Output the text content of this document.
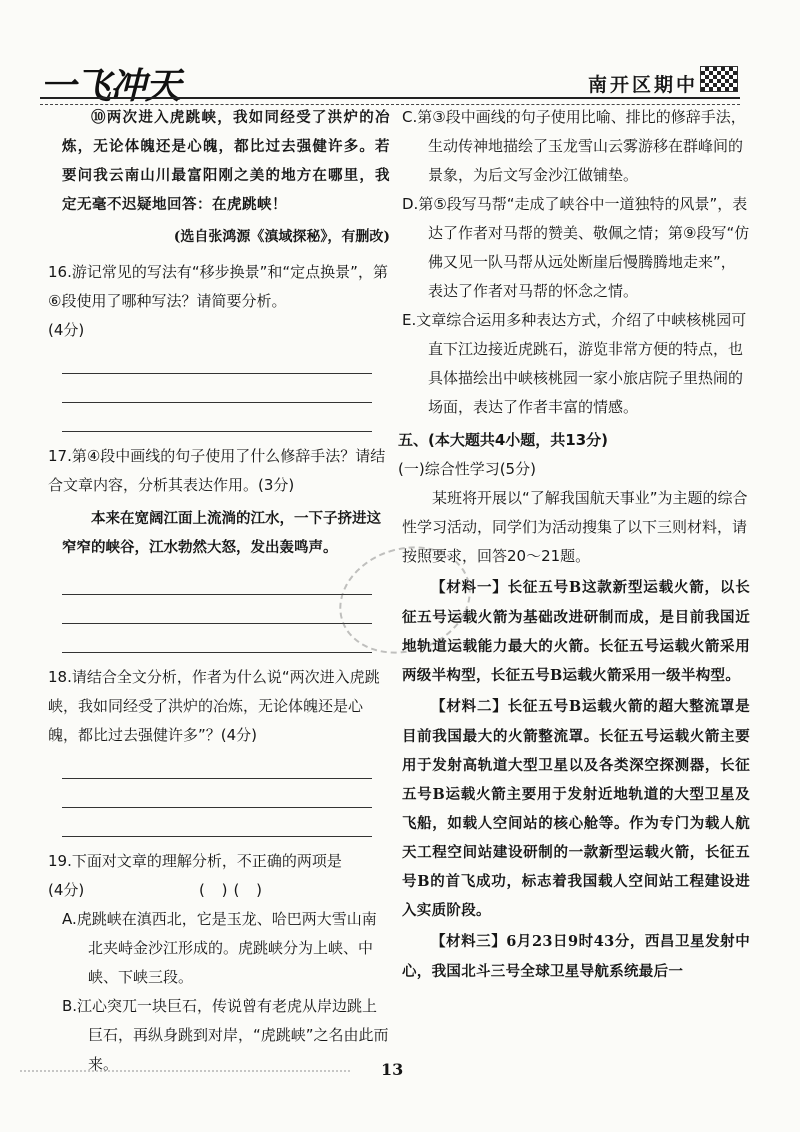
一飞冲天	南开区期中

⑩两次进入虎跳峡，我如同经受了洪炉的冶炼，无论体魄还是心魄，都比过去强健许多。若要问我云南山川最富阳刚之美的地方在哪里，我定无毫不迟疑地回答：在虎跳峡！

(选自张鸿源《滇域探秘》，有删改)
16.游记常见的写法有“移步换景”和“定点换景”，第⑥段使用了哪种写法？请简要分析。
(4分)
17.第④段中画线的句子使用了什么修辞手法？请结合文章内容，分析其表达作用。(3分)

本来在宽阔江面上流淌的江水，一下子挤进这窄窄的峡谷，江水勃然大怒，发出轰鸣声。

18.请结合全文分析，作者为什么说“两次进入虎跳峡，我如同经受了洪炉的冶炼，无论体魄还是心魄，都比过去强健许多”？(4分)
19.下面对文章的理解分析，不正确的两项是
(4分)	( )( )
A.虎跳峡在滇西北，它是玉龙、哈巴两大雪山南北夹峙金沙江形成的。虎跳峡分为上峡、中峡、下峡三段。
B.江心突兀一块巨石，传说曾有老虎从岸边跳上巨石，再纵身跳到对岸，“虎跳峡”之名由此而来。
C.第③段中画线的句子使用比喻、排比的修辞手法，生动传神地描绘了玉龙雪山云雾游移在群峰间的景象，为后文写金沙江做铺垫。
D.第⑤段写马帮“走成了峡谷中一道独特的风景”，表达了作者对马帮的赞美、敬佩之情；第⑨段写“仿佛又见一队马帮从远处断崖后慢腾腾地走来”，表达了作者对马帮的怀念之情。
E.文章综合运用多种表达方式，介绍了中峡核桃园可直下江边接近虎跳石，游览非常方便的特点，也具体描绘出中峡核桃园一家小旅店院子里热闹的场面，表达了作者丰富的情感。
五、(本大题共4小题，共13分)
(一)综合性学习(5分)

某班将开展以“了解我国航天事业”为主题的综合性学习活动，同学们为活动搜集了以下三则材料，请按照要求，回答20～21题。

【材料一】长征五号B这款新型运载火箭，以长征五号运载火箭为基础改进研制而成，是目前我国近地轨道运载能力最大的火箭。长征五号运载火箭采用两级半构型，长征五号B运载火箭采用一级半构型。

【材料二】长征五号B运载火箭的超大整流罩是目前我国最大的火箭整流罩。长征五号运载火箭主要用于发射高轨道大型卫星以及各类深空探测器，长征五号B运载火箭主要用于发射近地轨道的大型卫星及飞船，如载人空间站的核心舱等。作为专门为载人航天工程空间站建设研制的一款新型运载火箭，长征五号B的首飞成功，标志着我国载人空间站工程建设进入实质阶段。

【材料三】6月23日9时43分，西昌卫星发射中心，我国北斗三号全球卫星导航系统最后一

13
